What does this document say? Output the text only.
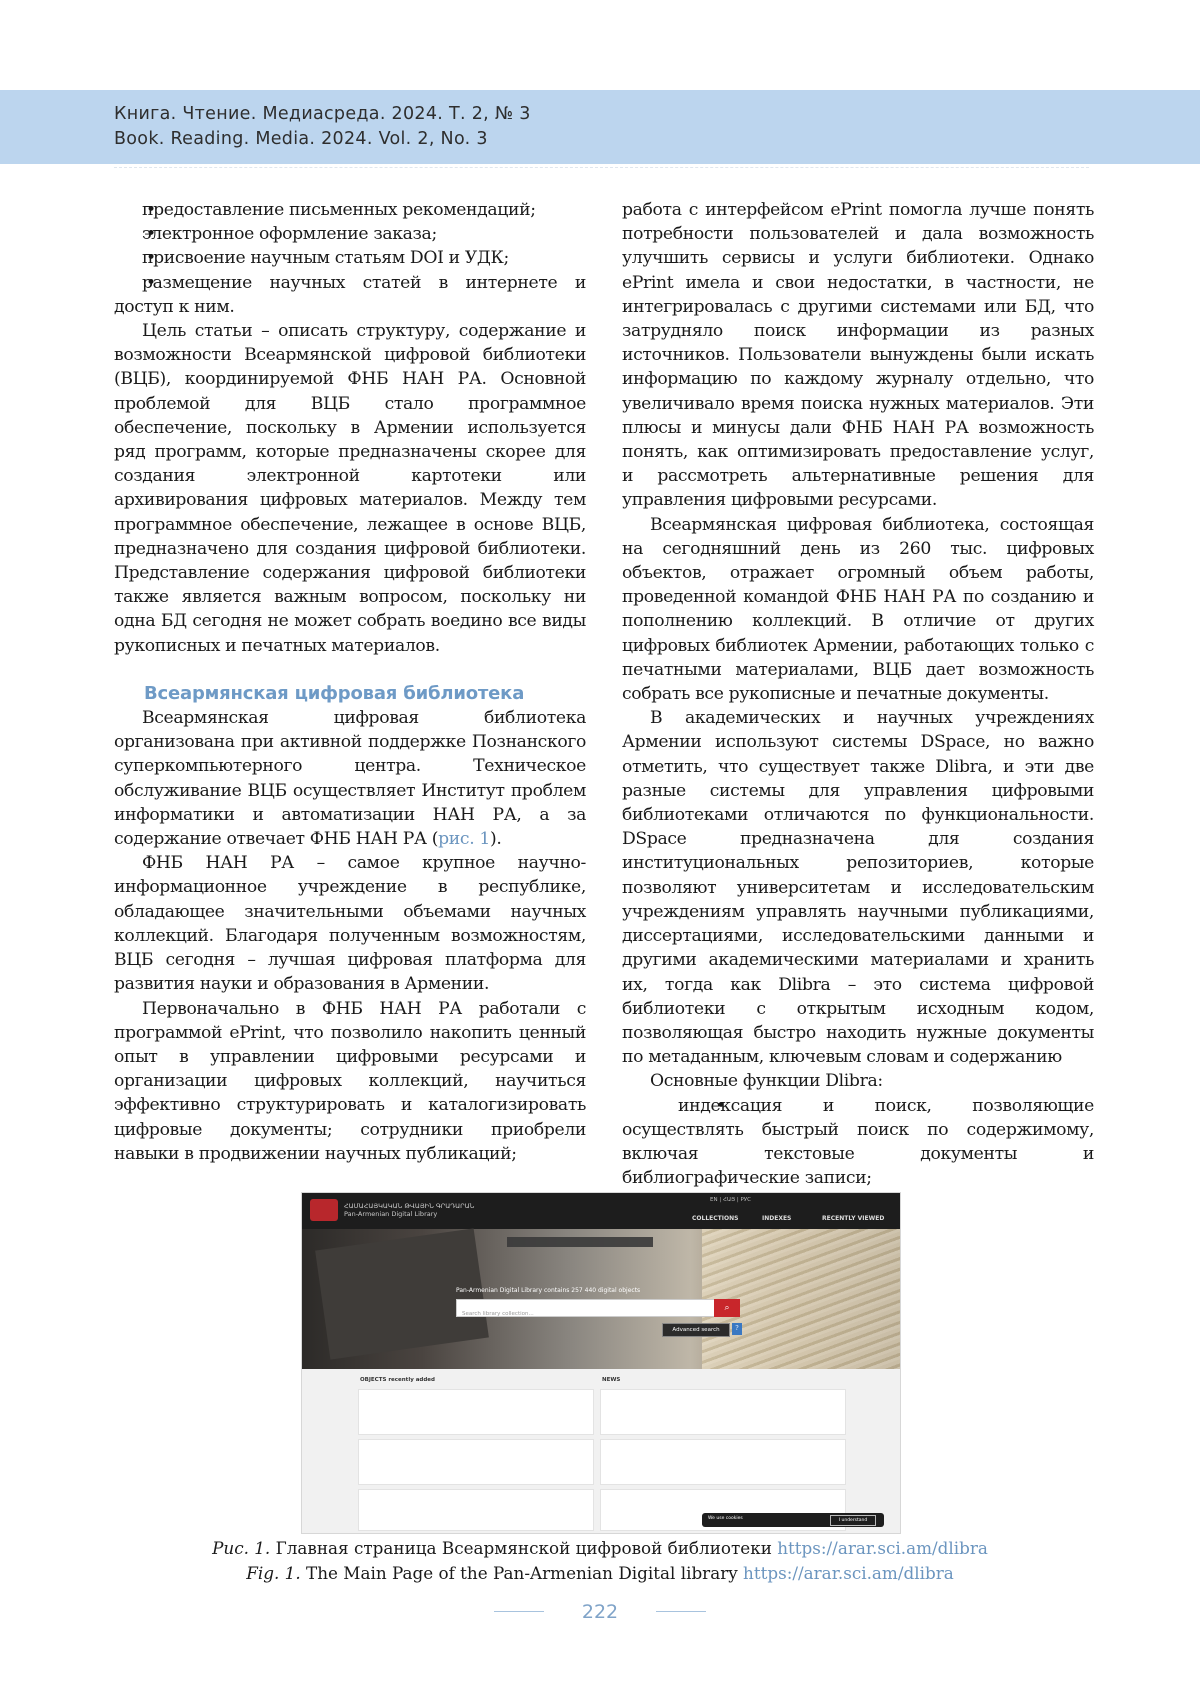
Книга. Чтение. Медиасреда. 2024. Т. 2, № 3
Book. Reading. Media. 2024. Vol. 2, No. 3
• предоставление письменных рекомендаций;
• электронное оформление заказа;
• присвоение научным статьям DOI и УДК;
• размещение научных статей в интернете и доступ к ним.

Цель статьи – описать структуру, содержание и возможности Всеармянской цифровой библиотеки (ВЦБ), координируемой ФНБ НАН РА. Основной проблемой для ВЦБ стало программное обеспечение, поскольку в Армении используется ряд программ, которые предназначены скорее для создания электронной картотеки или архивирования цифровых материалов. Между тем программное обеспечение, лежащее в основе ВЦБ, предназначено для создания цифровой библиотеки. Представление содержания цифровой библиотеки также является важным вопросом, поскольку ни одна БД сегодня не может собрать воедино все виды рукописных и печатных материалов.

Всеармянская цифровая библиотека

Всеармянская цифровая библиотека организована при активной поддержке Познанского суперкомпьютерного центра. Техническое обслуживание ВЦБ осуществляет Институт проблем информатики и автоматизации НАН РА, а за содержание отвечает ФНБ НАН РА (рис. 1).

ФНБ НАН РА – самое крупное научно-информационное учреждение в республике, обладающее значительными объемами научных коллекций. Благодаря полученным возможностям, ВЦБ сегодня – лучшая цифровая платформа для развития науки и образования в Армении.

Первоначально в ФНБ НАН РА работали с программой ePrint, что позволило накопить ценный опыт в управлении цифровыми ресурсами и организации цифровых коллекций, научиться эффективно структурировать и каталогизировать цифровые документы; сотрудники приобрели навыки в продвижении научных публикаций;

работа с интерфейсом ePrint помогла лучше понять потребности пользователей и дала возможность улучшить сервисы и услуги библиотеки. Однако ePrint имела и свои недостатки, в частности, не интегрировалась с другими системами или БД, что затрудняло поиск информации из разных источников. Пользователи вынуждены были искать информацию по каждому журналу отдельно, что увеличивало время поиска нужных материалов. Эти плюсы и минусы дали ФНБ НАН РА возможность понять, как оптимизировать предоставление услуг, и рассмотреть альтернативные решения для управления цифровыми ресурсами.

Всеармянская цифровая библиотека, состоящая на сегодняшний день из 260 тыс. цифровых объектов, отражает огромный объем работы, проведенной командой ФНБ НАН РА по созданию и пополнению коллекций. В отличие от других цифровых библиотек Армении, работающих только с печатными материалами, ВЦБ дает возможность собрать все рукописные и печатные документы.

В академических и научных учреждениях Армении используют системы DSpace, но важно отметить, что существует также Dlibra, и эти две разные системы для управления цифровыми библиотеками отличаются по функциональности. DSpace предназначена для создания институциональных репозиториев, которые позволяют университетам и исследовательским учреждениям управлять научными публикациями, диссертациями, исследовательскими данными и другими академическими материалами и хранить их, тогда как Dlibra – это система цифровой библиотеки с открытым исходным кодом, позволяющая быстро находить нужные документы по метаданным, ключевым словам и содержанию

Основные функции Dlibra:

• индексация и поиск, позволяющие осуществлять быстрый поиск по содержимому, включая текстовые документы и библиографические записи;
ՀԱՄԱՀԱՅԿԱԿԱՆ ԹՎԱՅԻՆ ԳՐԱԴԱՐԱՆ
Pan-Armenian Digital Library
EN | ՀԱՅ | РУС
COLLECTIONS	INDEXES	RECENTLY VIEWED
Pan-Armenian Digital Library contains 257 440 digital objects
Search library collection...
⌕
Advanced search	?
OBJECTS recently added	NEWS
We use cookies	I understand
Рис. 1. Главная страница Всеармянской цифровой библиотеки https://arar.sci.am/dlibra
Fig. 1. The Main Page of the Pan-Armenian Digital library https://arar.sci.am/dlibra
222
